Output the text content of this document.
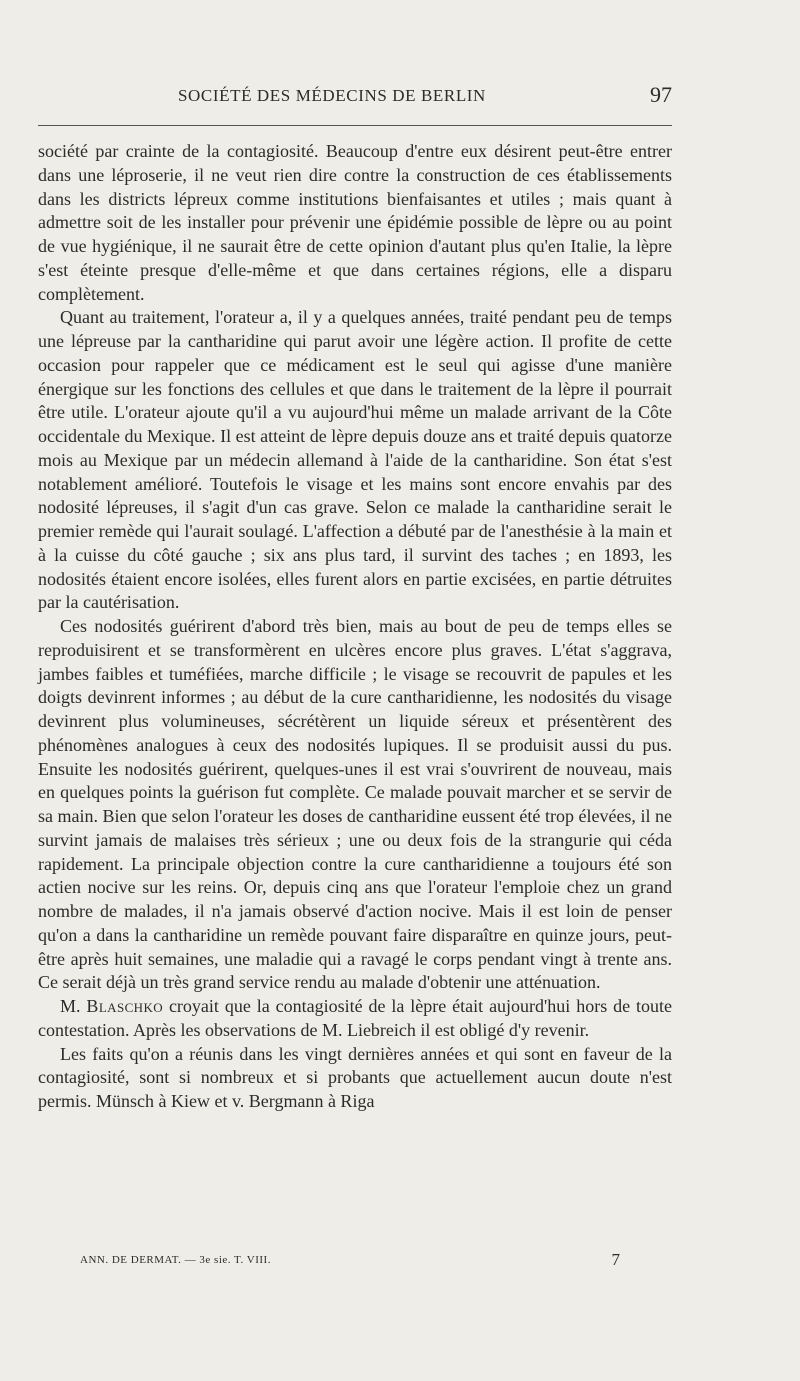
SOCIÉTÉ DES MÉDECINS DE BERLIN	97

société par crainte de la contagiosité. Beaucoup d'entre eux désirent peut-être entrer dans une léproserie, il ne veut rien dire contre la construction de ces établissements dans les districts lépreux comme institutions bienfaisantes et utiles ; mais quant à admettre soit de les installer pour prévenir une épidémie possible de lèpre ou au point de vue hygiénique, il ne saurait être de cette opinion d'autant plus qu'en Italie, la lèpre s'est éteinte presque d'elle-même et que dans certaines régions, elle a disparu complètement.

Quant au traitement, l'orateur a, il y a quelques années, traité pendant peu de temps une lépreuse par la cantharidine qui parut avoir une légère action. Il profite de cette occasion pour rappeler que ce médicament est le seul qui agisse d'une manière énergique sur les fonctions des cellules et que dans le traitement de la lèpre il pourrait être utile. L'orateur ajoute qu'il a vu aujourd'hui même un malade arrivant de la Côte occidentale du Mexique. Il est atteint de lèpre depuis douze ans et traité depuis quatorze mois au Mexique par un médecin allemand à l'aide de la cantharidine. Son état s'est notablement amélioré. Toutefois le visage et les mains sont encore envahis par des nodosité lépreuses, il s'agit d'un cas grave. Selon ce malade la cantharidine serait le premier remède qui l'aurait soulagé. L'affection a débuté par de l'anesthésie à la main et à la cuisse du côté gauche ; six ans plus tard, il survint des taches ; en 1893, les nodosités étaient encore isolées, elles furent alors en partie excisées, en partie détruites par la cautérisation.

Ces nodosités guérirent d'abord très bien, mais au bout de peu de temps elles se reproduisirent et se transformèrent en ulcères encore plus graves. L'état s'aggrava, jambes faibles et tuméfiées, marche difficile ; le visage se recouvrit de papules et les doigts devinrent informes ; au début de la cure cantharidienne, les nodosités du visage devinrent plus volumineuses, sécrétèrent un liquide séreux et présentèrent des phénomènes analogues à ceux des nodosités lupiques. Il se produisit aussi du pus. Ensuite les nodosités guérirent, quelques-unes il est vrai s'ouvrirent de nouveau, mais en quelques points la guérison fut complète. Ce malade pouvait marcher et se servir de sa main. Bien que selon l'orateur les doses de cantharidine eussent été trop élevées, il ne survint jamais de malaises très sérieux ; une ou deux fois de la strangurie qui céda rapidement. La principale objection contre la cure cantharidienne a toujours été son actien nocive sur les reins. Or, depuis cinq ans que l'orateur l'emploie chez un grand nombre de malades, il n'a jamais observé d'action nocive. Mais il est loin de penser qu'on a dans la cantharidine un remède pouvant faire disparaître en quinze jours, peut-être après huit semaines, une maladie qui a ravagé le corps pendant vingt à trente ans. Ce serait déjà un très grand service rendu au malade d'obtenir une atténuation.

M. Blaschko croyait que la contagiosité de la lèpre était aujourd'hui hors de toute contestation. Après les observations de M. Liebreich il est obligé d'y revenir.

Les faits qu'on a réunis dans les vingt dernières années et qui sont en faveur de la contagiosité, sont si nombreux et si probants que actuellement aucun doute n'est permis. Münsch à Kiew et v. Bergmann à Riga

ANN. DE DERMAT. — 3e sie. T. VIII.	7
